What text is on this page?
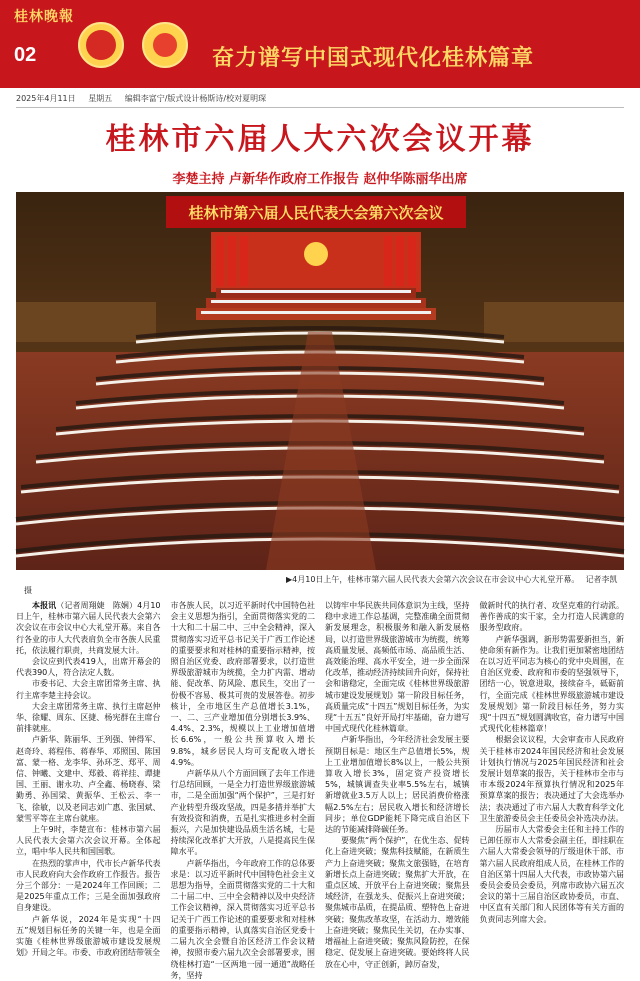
桂林晚報
02	奋力谱写中国式现代化桂林篇章
2025年4月11日 星期五 编辑李富宁/版式设计杨斯诗/校对夏明琛
桂林市六届人大六次会议开幕
李楚主持 卢新华作政府工作报告 赵仲华陈丽华出席
桂林市第六届人民代表大会第六次会议
▶4月10日上午，桂林市第六届人民代表大会第六次会议在市会议中心大礼堂开幕。 记者李凯摄

本报讯（记者周翔婕　陈娴）4月10日上午，桂林市第六届人民代表大会第六次会议在市会议中心大礼堂开幕。来自各行各业的市人大代表肩负全市各族人民重托，依法履行职责，共商发展大计。

会议应到代表419人，出席开幕会的代表390人，符合法定人数。

市委书记、大会主席团常务主席、执行主席李楚主持会议。

大会主席团常务主席、执行主席赵仲华、徐耀、周东、区捷、杨宪群在主席台前排就座。

卢新华、陈丽华、王列强、钟得军、赵奇玲、蒋程伟、蒋春华、邓照国、陈国富、蒙一格、龙李华、孙环芝、郑平、周信、钟曦、文建中、郑毅、蒋祥挂、谭捷国、王丽、谢永功、卢全鑫、杨晓春、梁勤勇、孙国梁、黄振华、王松云、李一飞、徐敏，以及老同志刘广惠、张国斌、蒙雪平等在主席台就座。

上午9时，李楚宣布：桂林市第六届人民代表大会第六次会议开幕。全体起立，唱中华人民共和国国歌。

在热烈的掌声中，代市长卢新华代表市人民政府向大会作政府工作报告。报告分三个部分：一是2024年工作回顾；二是2025年重点工作；三是全面加强政府自身建设。

卢新华说，2024年是实现“十四五”规划目标任务的关键一年，也是全面实施《桂林世界级旅游城市建设发展规划》开局之年。市委、市政府团结带领全

市各族人民，以习近平新时代中国特色社会主义思想为指引，全面贯彻落实党的二十大和二十届二中、三中全会精神，深入贯彻落实习近平总书记关于广西工作论述的重要要求和对桂林的重要指示精神，按照自治区党委、政府部署要求，以打造世界级旅游城市为统揽，全力扩内需、增动能、促改革、防风险、惠民生，交出了一份极不容易、极其可贵的发展答卷。初步核计，全市地区生产总值增长3.1%，一、二、三产业增加值分别增长3.9%、4.4%、2.3%，规模以上工业增加值增长6.6%，一般公共预算收入增长9.8%，城乡居民人均可支配收入增长4.9%。

卢新华从八个方面回顾了去年工作进行总结回顾，一是全力打造世界级旅游城市，二是全面加强“两个保护”，三是打好产业转型升级攻坚战，四是多措并举扩大有效投资和消费，五是扎实推进乡村全面振兴，六是加快建设品质生活名城，七是持续深化改革扩大开放，八是提高民生保障水平。

卢新华指出，今年政府工作的总体要求是：以习近平新时代中国特色社会主义思想为指导，全面贯彻落实党的二十大和二十届二中、三中全会精神以及中央经济工作会议精神，深入贯彻落实习近平总书记关于广西工作论述的重要要求和对桂林的重要指示精神，认真落实自治区党委十二届九次全会暨自治区经济工作会议精神，按照市委六届九次全会部署要求，围绕桂林打造“一区两地一园一通道”战略任务，坚持

以铸牢中华民族共同体意识为主线，坚持稳中求进工作总基调，完整准确全面贯彻新发展理念，积极服务和融入新发展格局，以打造世界级旅游城市为统揽，统筹高质量发展、高频低市场、高品质生活、高效能治理、高水平安全，进一步全面深化改革，推动经济持续回升向好，保持社会和谐稳定，全面完成《桂林世界级旅游城市建设发展规划》第一阶段目标任务，高质量完成“十四五”规划目标任务，为实现“十五五”良好开局打牢基础，奋力谱写中国式现代化桂林篇章。

卢新华指出，今年经济社会发展主要预期目标是：地区生产总值增长5%，规上工业增加值增长8%以上，一般公共预算收入增长3%，固定资产投资增长5%，城镇调查失业率5.5%左右，城镇新增就业3.5万人以上；居民消费价格涨幅2.5%左右；居民收入增长和经济增长同步；单位GDP能耗下降完成自治区下达的节能减排降碳任务。

要聚焦“两个保护”，在优生态、促转化上奋进突破；聚焦科技赋能，在新质生产力上奋进突破；聚焦文旅强链，在培育新增长点上奋进突破；聚焦扩大开放，在重点区域、开放平台上奋进突破；聚焦县域经济，在强龙头、促振兴上奋进突破；聚焦城市品质，在提品质、塑特色上奋进突破；聚焦改革攻坚，在活动力、增效能上奋进突破；聚焦民生关切，在办实事、增福祉上奋进突破；聚焦风险防控，在保稳定、促发展上奋进突破。要始终将人民放在心中，守正创新，踔厉奋发，

做新时代的执行者、攻坚克难的行动派。善作善成的实干家，全力打造人民满意的服务型政府。

卢新华强调，新形势需要新担当，新使命须有新作为。让我们更加紧密地团结在以习近平同志为核心的党中央周围，在自治区党委、政府和市委的坚强领导下，团结一心，锐意进取，接续奋斗，砥砺前行，全面完成《桂林世界级旅游城市建设发展规划》第一阶段目标任务，努力实现“十四五”规划圆满收官，奋力谱写中国式现代化桂林篇章！

根据会议议程，大会审查市人民政府关于桂林市2024年国民经济和社会发展计划执行情况与2025年国民经济和社会发展计划草案的报告，关于桂林市全市与市本级2024年预算执行情况和2025年预算草案的报告；表决通过了大会选举办法；表决通过了市六届人大教育科学文化卫生旅游委员会主任委员会补选决办法。

历届市人大常委会主任和主持工作的已卸任原市人大常委会副主任，即挂职在六届人大常委会领导的厅级退休干部、市第六届人民政府组成人员，在桂林工作的自治区第十四届人大代表，市政协第六届委员会委员会委员，列席市政协六届五次会议的第十三届自治区政协委员，市直、中区直有关部门和人民团体等有关方面的负责同志列席大会。
